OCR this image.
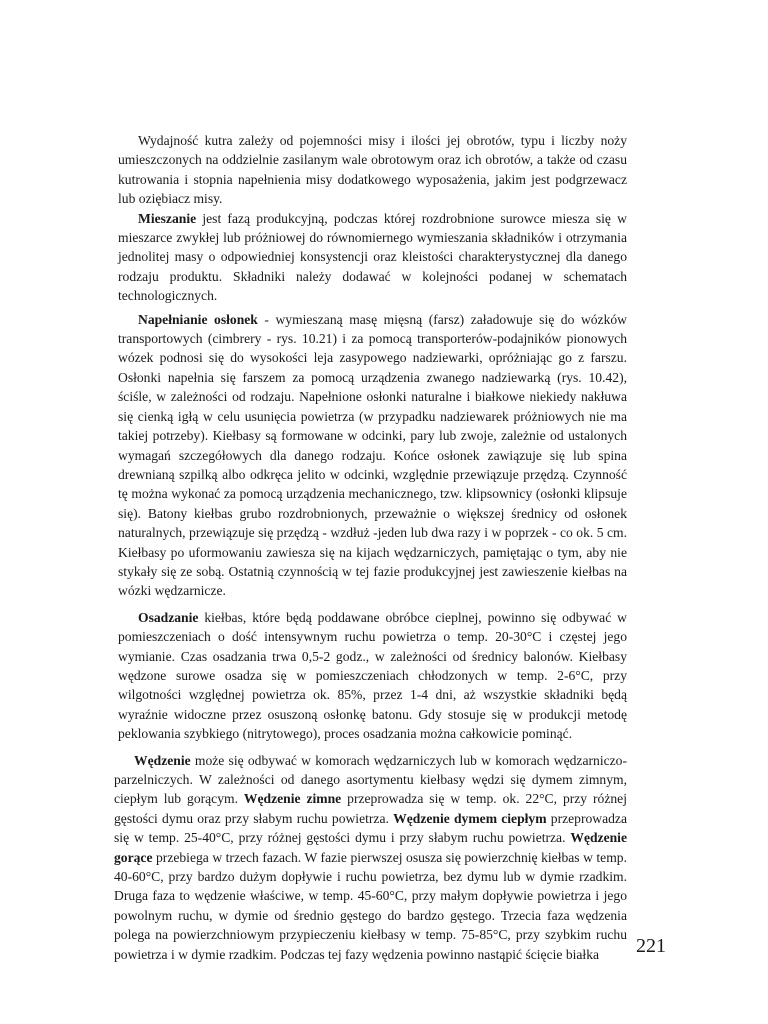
Wydajność kutra zależy od pojemności misy i ilości jej obrotów, typu i liczby noży umieszczonych na oddzielnie zasilanym wale obrotowym oraz ich obrotów, a także od czasu kutrowania i stopnia napełnienia misy dodatkowego wyposażenia, jakim jest podgrzewacz lub oziębiacz misy.

Mieszanie jest fazą produkcyjną, podczas której rozdrobnione surowce miesza się w mieszarce zwykłej lub próżniowej do równomiernego wymieszania składników i otrzymania jednolitej masy o odpowiedniej konsystencji oraz kleistości charakterystycznej dla danego rodzaju produktu. Składniki należy dodawać w kolejności podanej w schematach technologicznych.

Napełnianie osłonek - wymieszaną masę mięsną (farsz) załadowuje się do wózków transportowych (cimbrery - rys. 10.21) i za pomocą transporterów-podajników pionowych wózek podnosi się do wysokości leja zasypowego nadziewarki, opróżniając go z farszu. Osłonki napełnia się farszem za pomocą urządzenia zwanego nadziewarką (rys. 10.42), ściśle, w zależności od rodzaju. Napełnione osłonki naturalne i białkowe niekiedy nakłuwa się cienką igłą w celu usunięcia powietrza (w przypadku nadziewarek próżniowych nie ma takiej potrzeby). Kiełbasy są formowane w odcinki, pary lub zwoje, zależnie od ustalonych wymagań szczegółowych dla danego rodzaju. Końce osłonek zawiązuje się lub spina drewnianą szpilką albo odkręca jelito w odcinki, względnie przewiązuje przędzą. Czynność tę można wykonać za pomocą urządzenia mechanicznego, tzw. klipsownicy (osłonki klipsuje się). Batony kiełbas grubo rozdrobnionych, przeważnie o większej średnicy od osłonek naturalnych, przewiązuje się przędzą - wzdłuż -jeden lub dwa razy i w poprzek - co ok. 5 cm. Kiełbasy po uformowaniu zawiesza się na kijach wędzarniczych, pamiętając o tym, aby nie stykały się ze sobą. Ostatnią czynnością w tej fazie produkcyjnej jest zawieszenie kiełbas na wózki wędzarnicze.

Osadzanie kiełbas, które będą poddawane obróbce cieplnej, powinno się odbywać w pomieszczeniach o dość intensywnym ruchu powietrza o temp. 20-30°C i częstej jego wymianie. Czas osadzania trwa 0,5-2 godz., w zależności od średnicy balonów. Kiełbasy wędzone surowe osadza się w pomieszczeniach chłodzonych w temp. 2-6°C, przy wilgotności względnej powietrza ok. 85%, przez 1-4 dni, aż wszystkie składniki będą wyraźnie widoczne przez osuszoną osłonkę batonu. Gdy stosuje się w produkcji metodę peklowania szybkiego (nitrytowego), proces osadzania można całkowicie pominąć.

Wędzenie może się odbywać w komorach wędzarniczych lub w komorach wędzarniczo-parzelniczych. W zależności od danego asortymentu kiełbasy wędzi się dymem zimnym, ciepłym lub gorącym. Wędzenie zimne przeprowadza się w temp. ok. 22°C, przy różnej gęstości dymu oraz przy słabym ruchu powietrza. Wędzenie dymem ciepłym przeprowadza się w temp. 25-40°C, przy różnej gęstości dymu i przy słabym ruchu powietrza. Wędzenie gorące przebiega w trzech fazach. W fazie pierwszej osusza się powierzchnię kiełbas w temp. 40-60°C, przy bardzo dużym dopływie i ruchu powietrza, bez dymu lub w dymie rzadkim. Druga faza to wędzenie właściwe, w temp. 45-60°C, przy małym dopływie powietrza i jego powolnym ruchu, w dymie od średnio gęstego do bardzo gęstego. Trzecia faza wędzenia polega na powierzchniowym przypieczeniu kiełbasy w temp. 75-85°C, przy szybkim ruchu powietrza i w dymie rzadkim. Podczas tej fazy wędzenia powinno nastąpić ścięcie białka	221
